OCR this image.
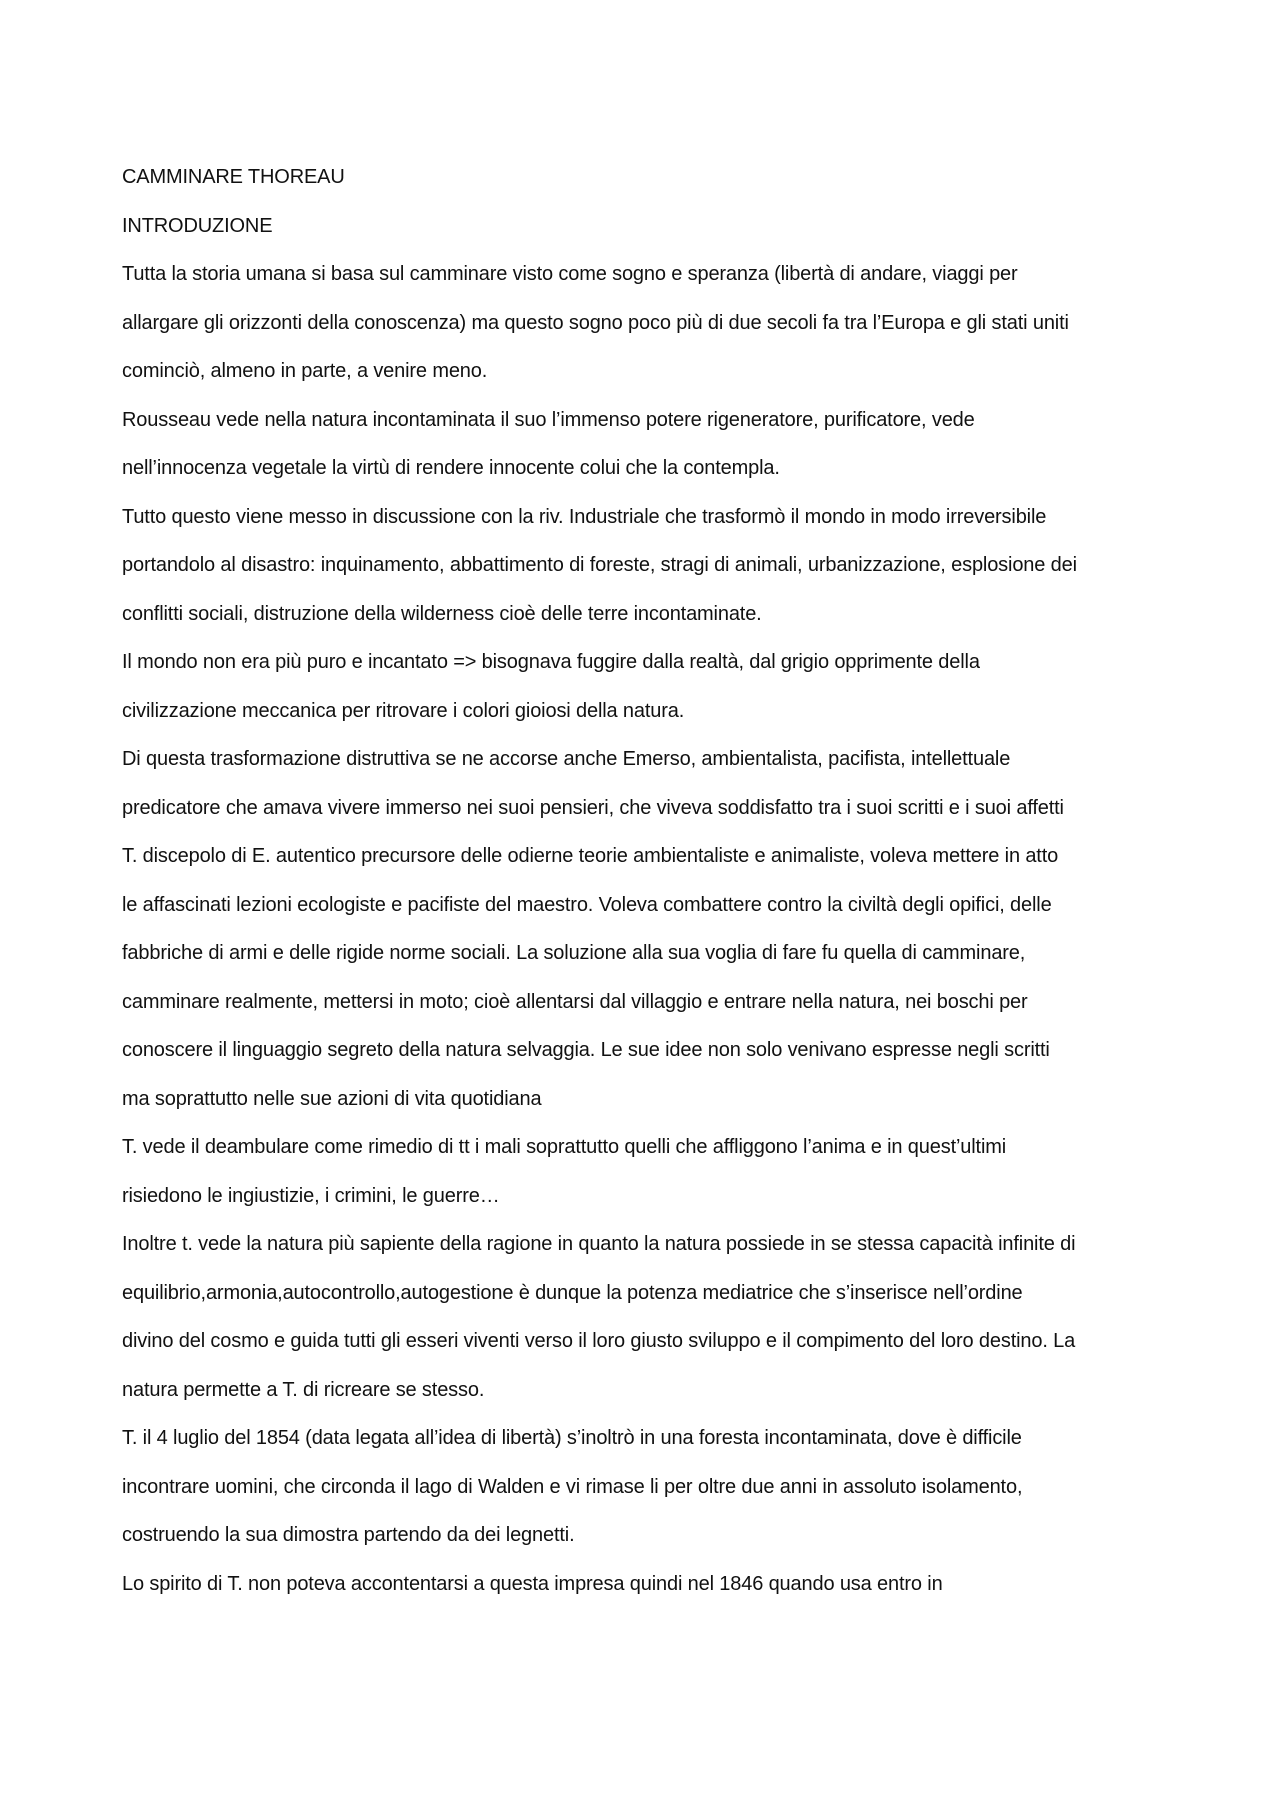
CAMMINARE THOREAU

INTRODUZIONE

Tutta la storia umana si basa sul camminare visto come sogno e speranza (libertà di andare, viaggi per allargare gli orizzonti della conoscenza) ma questo sogno poco più di due secoli fa tra l’Europa e gli stati uniti cominciò, almeno in parte, a venire meno.

Rousseau vede nella natura incontaminata il suo l’immenso potere rigeneratore, purificatore, vede nell’innocenza vegetale la virtù di rendere innocente colui che la contempla.

Tutto questo viene messo in discussione con la riv. Industriale che trasformò il mondo in modo irreversibile portandolo al disastro: inquinamento, abbattimento di foreste, stragi di animali, urbanizzazione, esplosione dei conflitti sociali, distruzione della wilderness cioè delle terre incontaminate.

Il mondo non era più puro e incantato => bisognava fuggire dalla realtà, dal grigio opprimente della civilizzazione meccanica per ritrovare i colori gioiosi della natura.

Di questa trasformazione distruttiva se ne accorse anche Emerso, ambientalista, pacifista, intellettuale predicatore che amava vivere immerso nei suoi pensieri, che viveva soddisfatto tra i suoi scritti e i suoi affetti

T. discepolo di E. autentico precursore delle odierne teorie ambientaliste e animaliste, voleva mettere in atto le affascinati lezioni ecologiste e pacifiste del maestro. Voleva combattere contro la civiltà degli opifici, delle fabbriche di armi e delle rigide norme sociali. La soluzione alla sua voglia di fare fu quella di camminare, camminare realmente, mettersi in moto; cioè allentarsi dal villaggio e entrare nella natura, nei boschi per conoscere il linguaggio segreto della natura selvaggia. Le sue idee non solo venivano espresse negli scritti ma soprattutto nelle sue azioni di vita quotidiana

T. vede il deambulare come rimedio di tt i mali soprattutto quelli che affliggono l’anima e in quest’ultimi risiedono le ingiustizie, i crimini, le guerre…

Inoltre t. vede la natura più sapiente della ragione in quanto la natura possiede in se stessa capacità infinite di equilibrio,armonia,autocontrollo,autogestione è dunque la potenza mediatrice che s’inserisce nell’ordine divino del cosmo e guida tutti gli esseri viventi verso il loro giusto sviluppo e il compimento del loro destino. La natura permette a T. di ricreare se stesso.

T. il 4 luglio del 1854 (data legata all’idea di libertà) s’inoltrò in una foresta incontaminata, dove è difficile incontrare uomini, che circonda il lago di Walden e vi rimase li per oltre due anni in assoluto isolamento, costruendo la sua dimostra partendo da dei legnetti.

Lo spirito di T. non poteva accontentarsi a questa impresa quindi nel 1846 quando usa entro in
